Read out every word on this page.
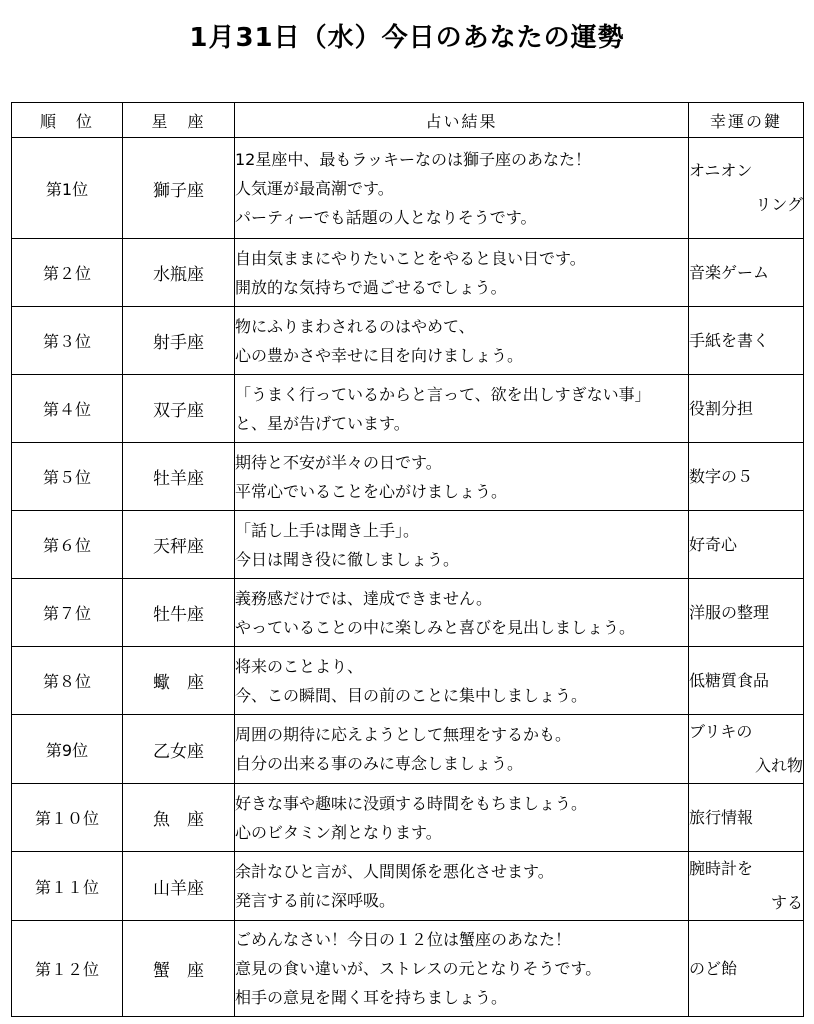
1月31日（水）今日のあなたの運勢
順　位	星　座	占い結果	幸運の鍵
第1位	獅子座	12星座中、最もラッキーなのは獅子座のあなた！
人気運が最高潮です。
パーティーでも話題の人となりそうです。	オニオン
リング

第２位	水瓶座	自由気ままにやりたいことをやると良い日です。
開放的な気持ちで過ごせるでしょう。	音楽ゲーム

第３位	射手座	物にふりまわされるのはやめて、
心の豊かさや幸せに目を向けましょう。	手紙を書く

第４位	双子座	「うまく行っているからと言って、欲を出しすぎない事」
と、星が告げています。	役割分担

第５位	牡羊座	期待と不安が半々の日です。
平常心でいることを心がけましょう。	数字の５

第６位	天秤座	「話し上手は聞き上手」。
今日は聞き役に徹しましょう。	好奇心

第７位	牡牛座	義務感だけでは、達成できません。
やっていることの中に楽しみと喜びを見出しましょう。	洋服の整理

第８位	蠍　座	将来のことより、
今、この瞬間、目の前のことに集中しましょう。	低糖質食品

第9位	乙女座	周囲の期待に応えようとして無理をするかも。
自分の出来る事のみに専念しましょう。	ブリキの
入れ物

第１０位	魚　座	好きな事や趣味に没頭する時間をもちましょう。
心のビタミン剤となります。	旅行情報

第１１位	山羊座	余計なひと言が、人間関係を悪化させます。
発言する前に深呼吸。	腕時計を
する

第１２位	蟹　座	ごめんなさい！今日の１２位は蟹座のあなた！
意見の食い違いが、ストレスの元となりそうです。
相手の意見を聞く耳を持ちましょう。	のど飴
